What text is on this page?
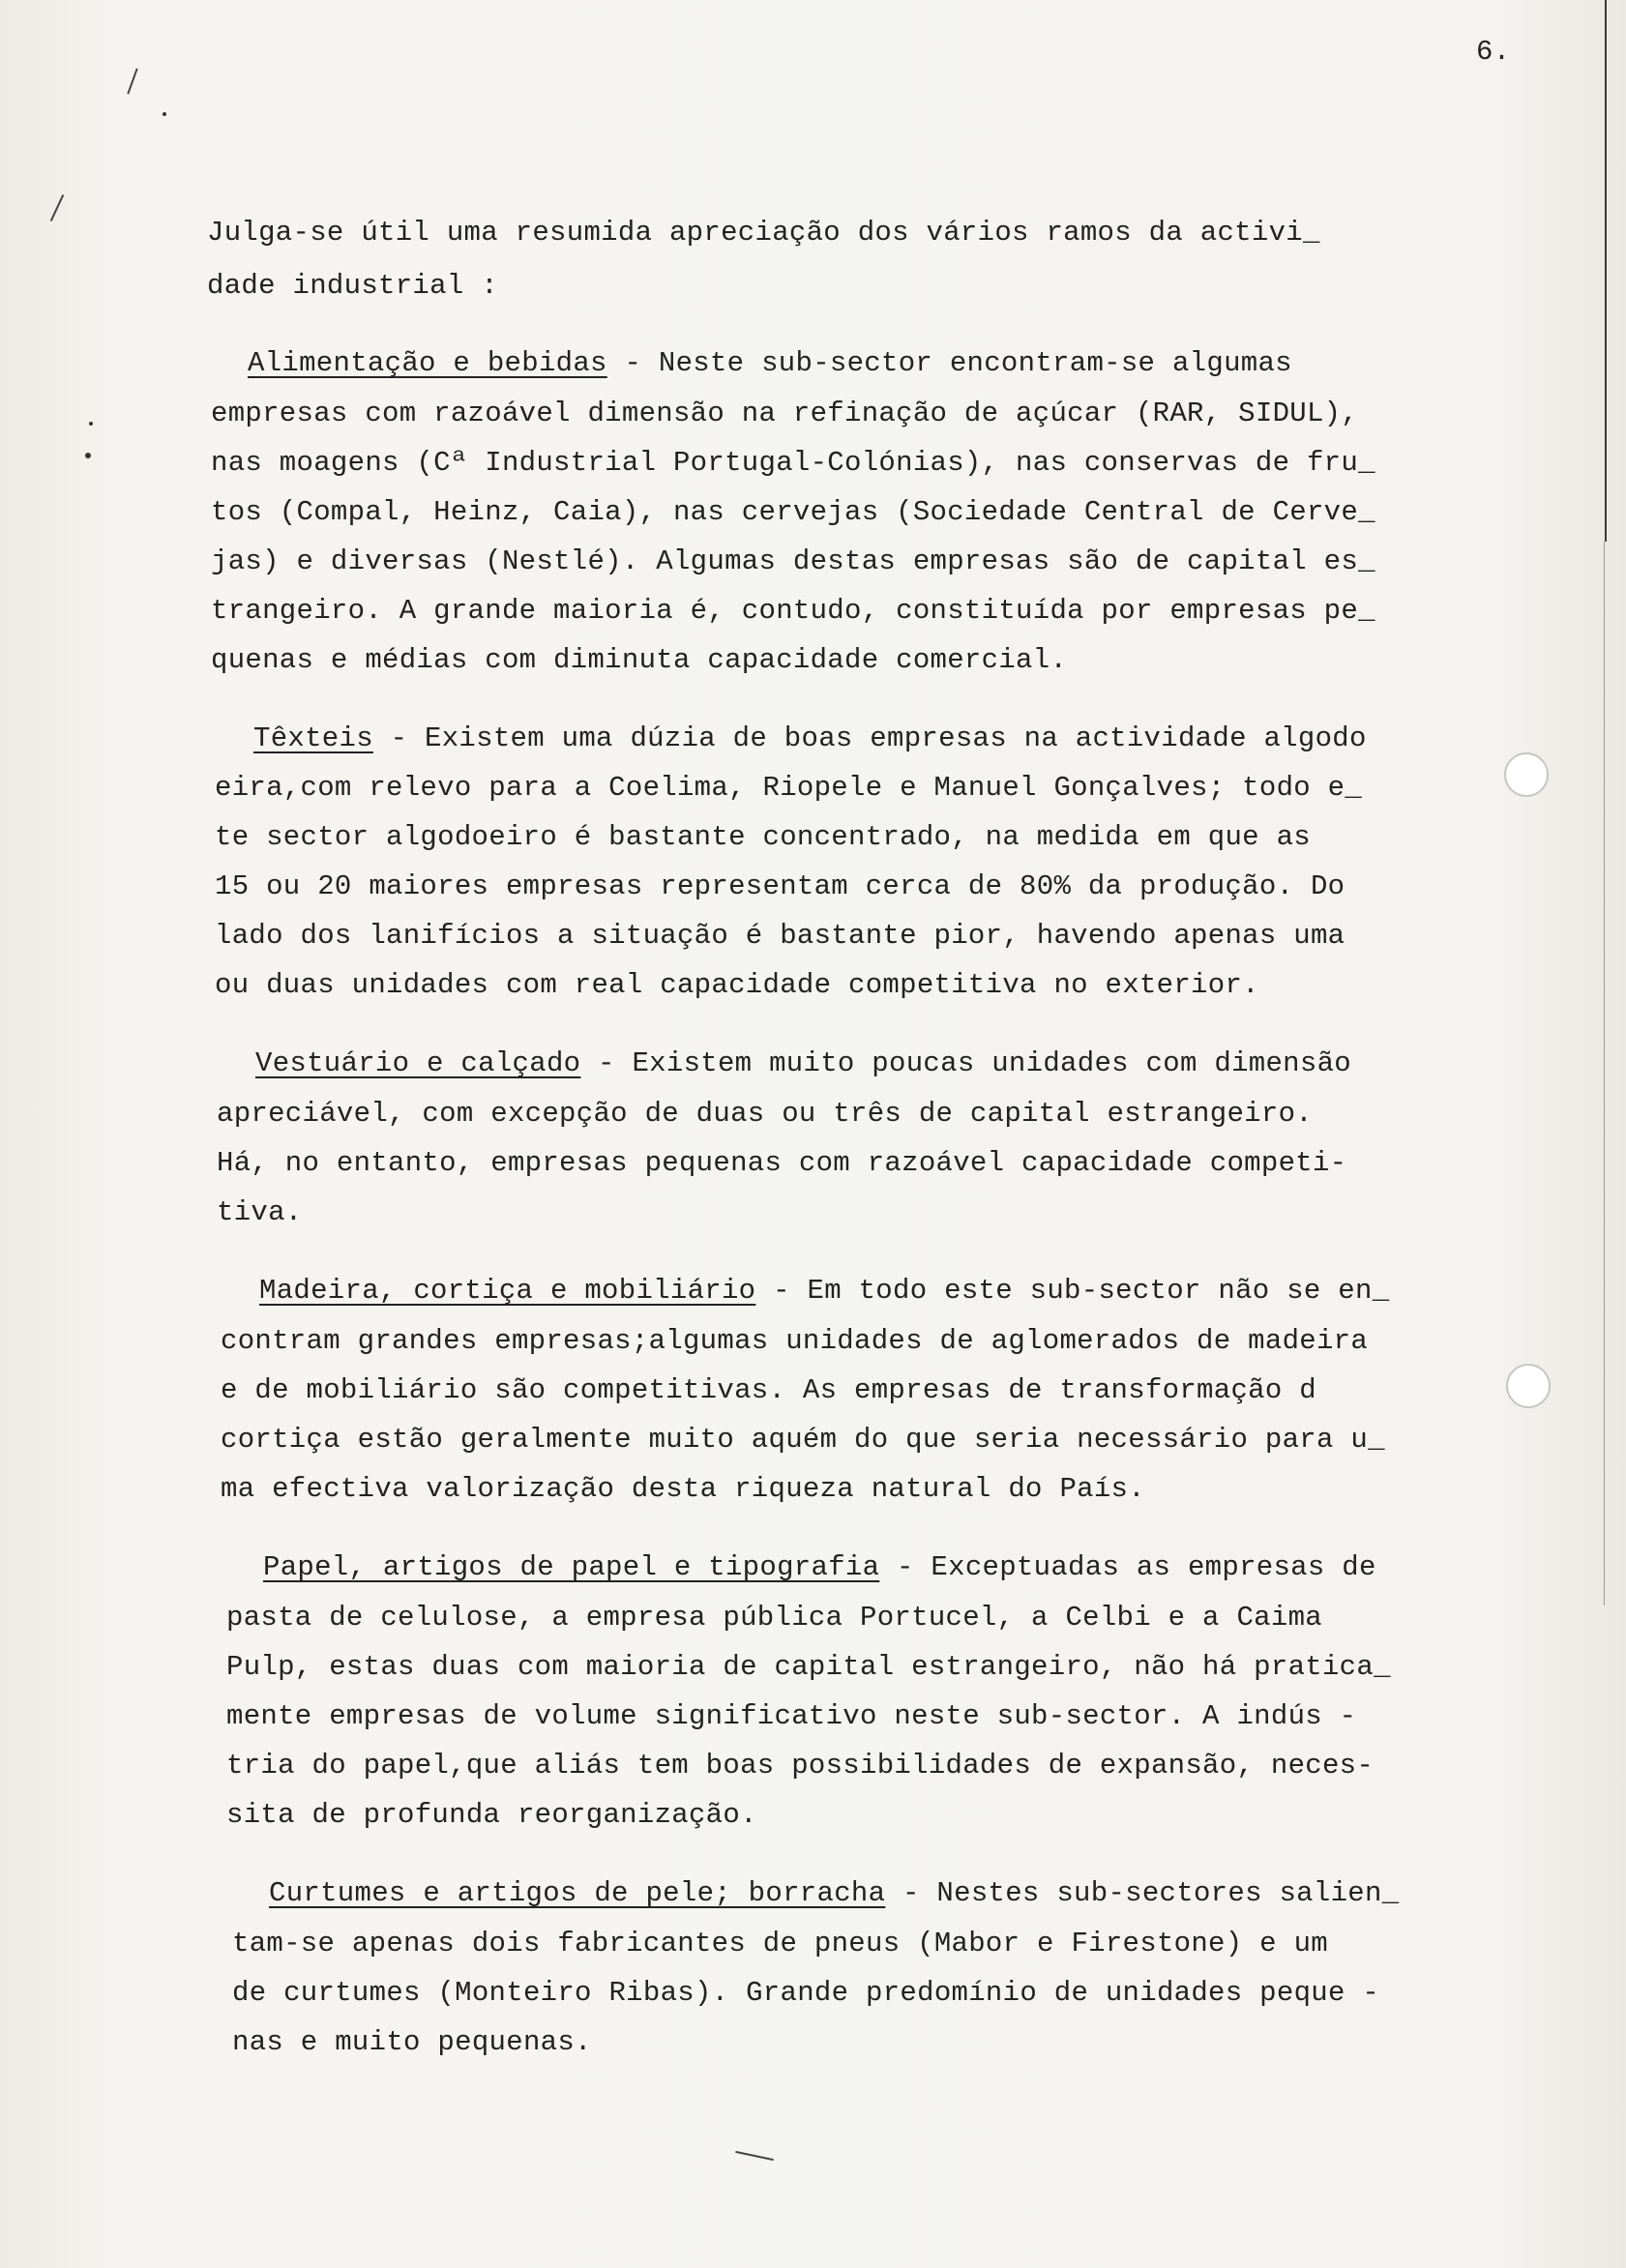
6.
Julga-se útil uma resumida apreciação dos vários ramos da activi_
dade industrial :
Alimentação e bebidas - Neste sub-sector encontram-se algumas
empresas com razoável dimensão na refinação de açúcar (RAR, SIDUL),
nas moagens (Cª Industrial Portugal-Colónias), nas conservas de fru_
tos (Compal, Heinz, Caia), nas cervejas (Sociedade Central de Cerve_
jas) e diversas (Nestlé). Algumas destas empresas são de capital es_
trangeiro. A grande maioria é, contudo, constituída por empresas pe_
quenas e médias com diminuta capacidade comercial.
Têxteis - Existem uma dúzia de boas empresas na actividade algodo
eira,com relevo para a Coelima, Riopele e Manuel Gonçalves; todo e_
te sector algodoeiro é bastante concentrado, na medida em que as
15 ou 20 maiores empresas representam cerca de 80% da produção. Do
lado dos lanifícios a situação é bastante pior, havendo apenas uma
ou duas unidades com real capacidade competitiva no exterior.
Vestuário e calçado - Existem muito poucas unidades com dimensão
apreciável, com excepção de duas ou três de capital estrangeiro.
Há, no entanto, empresas pequenas com razoável capacidade competi-
tiva.
Madeira, cortiça e mobiliário - Em todo este sub-sector não se en_
contram grandes empresas;algumas unidades de aglomerados de madeira
e de mobiliário são competitivas. As empresas de transformação d
cortiça estão geralmente muito aquém do que seria necessário para u_
ma efectiva valorização desta riqueza natural do País.
Papel, artigos de papel e tipografia - Exceptuadas as empresas de
pasta de celulose, a empresa pública Portucel, a Celbi e a Caima
Pulp, estas duas com maioria de capital estrangeiro, não há pratica_
mente empresas de volume significativo neste sub-sector. A indús -
tria do papel,que aliás tem boas possibilidades de expansão, neces-
sita de profunda reorganização.
Curtumes e artigos de pele; borracha - Nestes sub-sectores salien_
tam-se apenas dois fabricantes de pneus (Mabor e Firestone) e um
de curtumes (Monteiro Ribas). Grande predomínio de unidades peque -
nas e muito pequenas.
